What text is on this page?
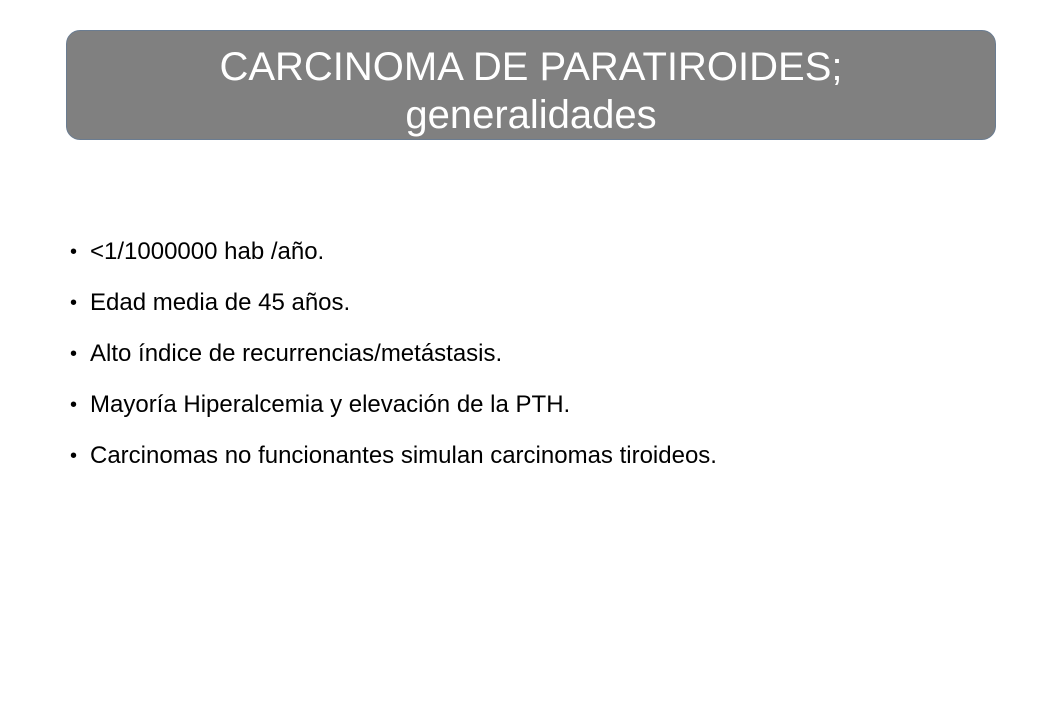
CARCINOMA DE PARATIROIDES;
generalidades
• <1/1000000 hab /año.
• Edad media de 45 años.
• Alto índice de recurrencias/metástasis.
• Mayoría Hiperalcemia y elevación de la PTH.
• Carcinomas no funcionantes simulan carcinomas tiroideos.
